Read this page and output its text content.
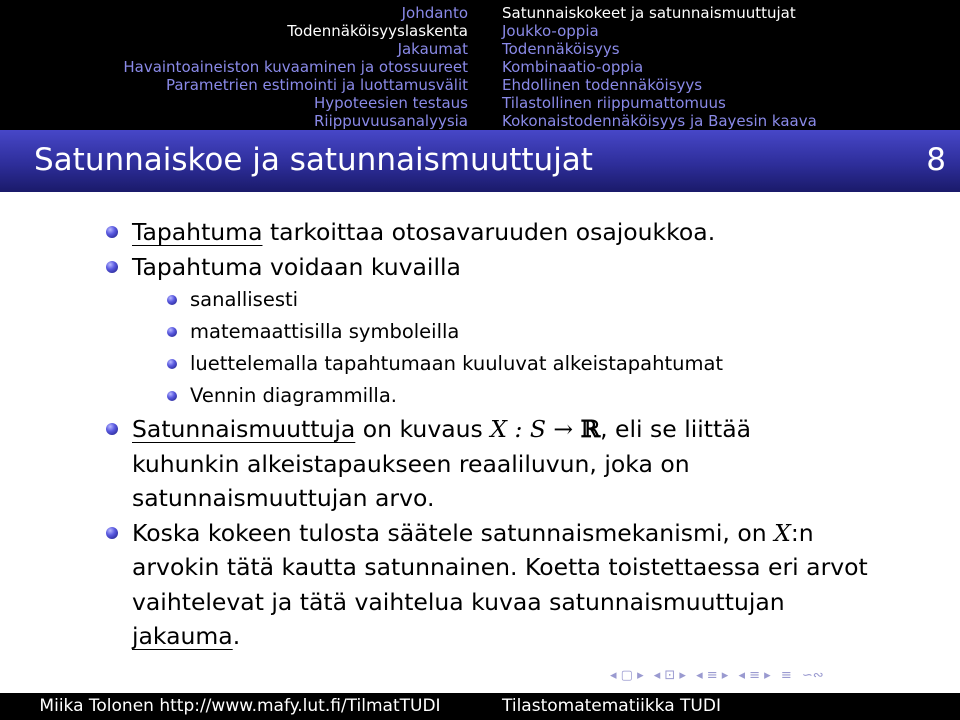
Johdanto
Todennäköisyyslaskenta
Jakaumat
Havaintoaineiston kuvaaminen ja otossuureet
Parametrien estimointi ja luottamusvälit
Hypoteesien testaus
Riippuvuusanalyysia
Satunnaiskokeet ja satunnaismuuttujat
Joukko-oppia
Todennäköisyys
Kombinaatio-oppia
Ehdollinen todennäköisyys
Tilastollinen riippumattomuus
Kokonaistodennäköisyys ja Bayesin kaava
Satunnaiskoe ja satunnaismuuttujat	8
Tapahtuma tarkoittaa otosavaruuden osajoukkoa.
Tapahtuma voidaan kuvailla
sanallisesti
matemaattisilla symboleilla
luettelemalla tapahtumaan kuuluvat alkeistapahtumat
Vennin diagrammilla.
Satunnaismuuttuja on kuvaus X : S → ℝ, eli se liittää
kuhunkin alkeistapaukseen reaaliluvun, joka on
satunnaismuuttujan arvo.
Koska kokeen tulosta säätele satunnaismekanismi, on X:n
arvokin tätä kautta satunnainen. Koetta toistettaessa eri arvot
vaihtelevat ja tätä vaihtelua kuvaa satunnaismuuttujan
jakauma.
◂ ▢ ▸ ◂ ⊡ ▸ ◂ ≡ ▸ ◂ ≡ ▸ ≡ ∽∾
Miika Tolonen http://www.mafy.lut.fi/TilmatTUDI	Tilastomatematiikka TUDI
